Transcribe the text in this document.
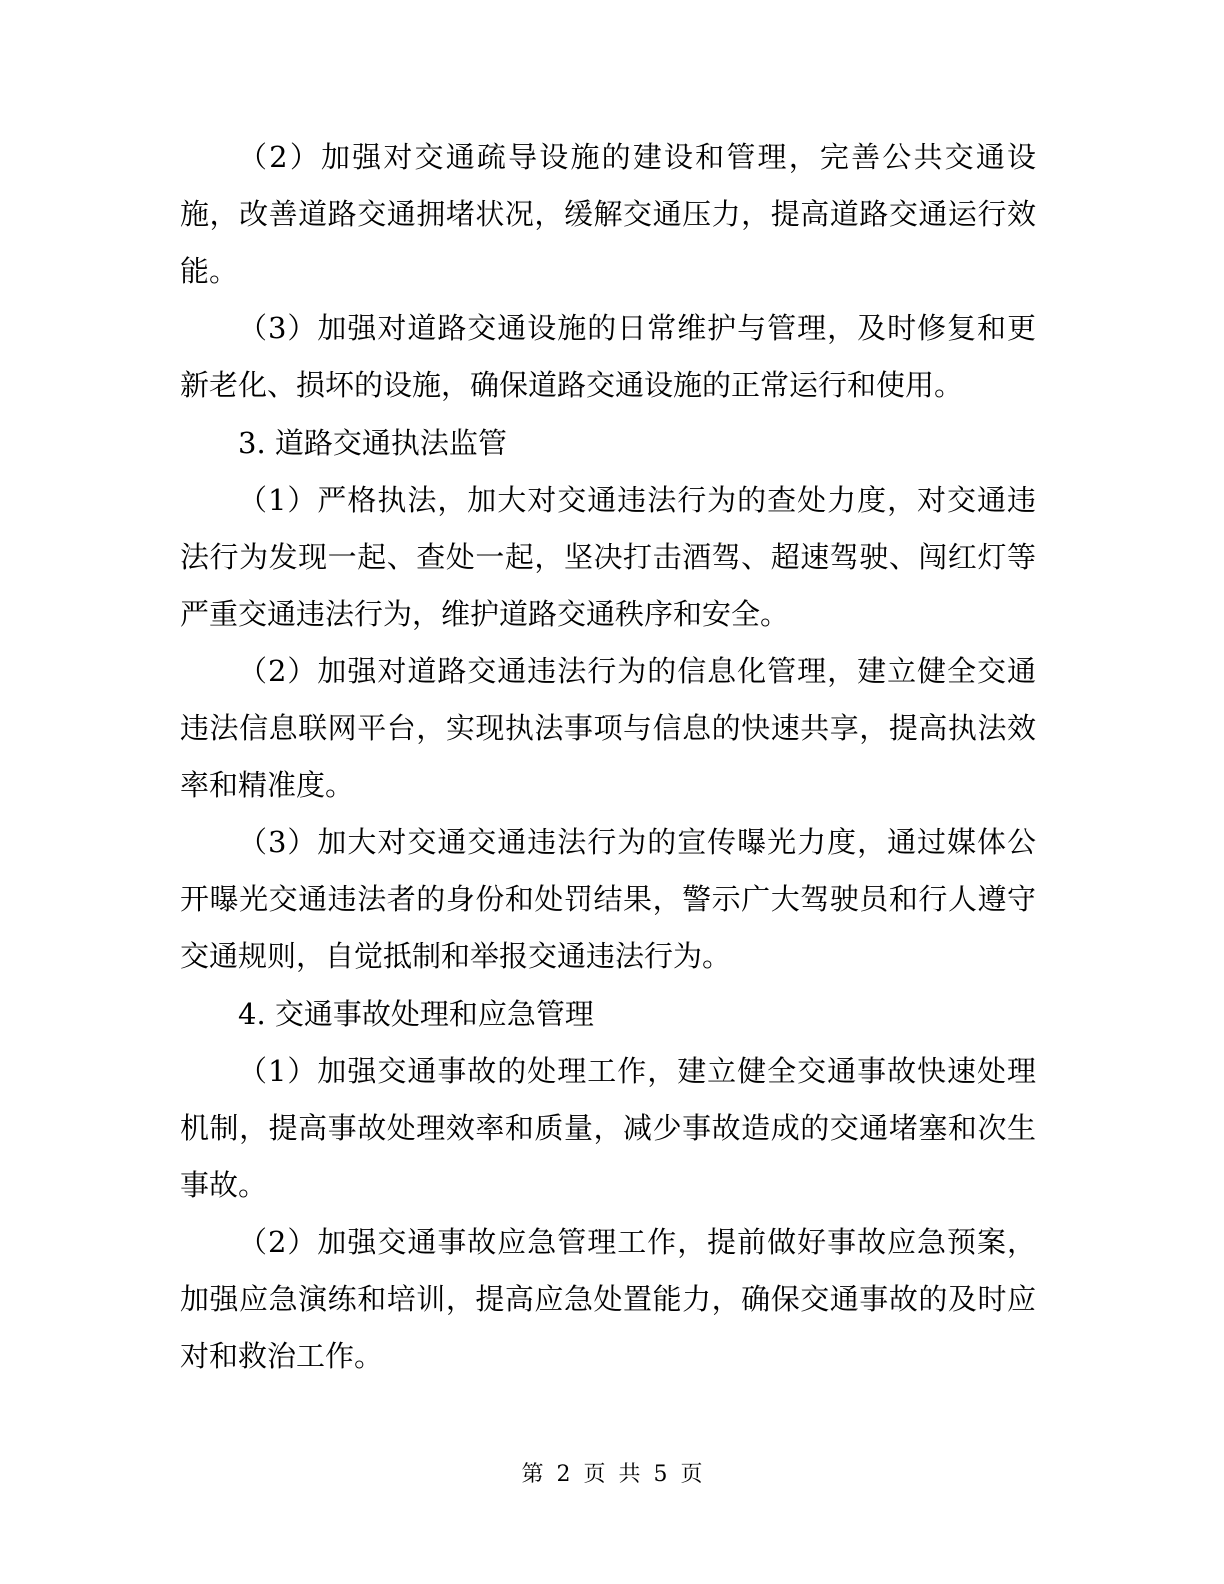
（2）加强对交通疏导设施的建设和管理，完善公共交通设施，改善道路交通拥堵状况，缓解交通压力，提高道路交通运行效能。

（3）加强对道路交通设施的日常维护与管理，及时修复和更新老化、损坏的设施，确保道路交通设施的正常运行和使用。

3. 道路交通执法监管

（1）严格执法，加大对交通违法行为的查处力度，对交通违法行为发现一起、查处一起，坚决打击酒驾、超速驾驶、闯红灯等严重交通违法行为，维护道路交通秩序和安全。

（2）加强对道路交通违法行为的信息化管理，建立健全交通违法信息联网平台，实现执法事项与信息的快速共享，提高执法效率和精准度。

（3）加大对交通交通违法行为的宣传曝光力度，通过媒体公开曝光交通违法者的身份和处罚结果，警示广大驾驶员和行人遵守交通规则，自觉抵制和举报交通违法行为。

4. 交通事故处理和应急管理

（1）加强交通事故的处理工作，建立健全交通事故快速处理机制，提高事故处理效率和质量，减少事故造成的交通堵塞和次生事故。

（2）加强交通事故应急管理工作，提前做好事故应急预案，加强应急演练和培训，提高应急处置能力，确保交通事故的及时应对和救治工作。

第 2 页 共 5 页
